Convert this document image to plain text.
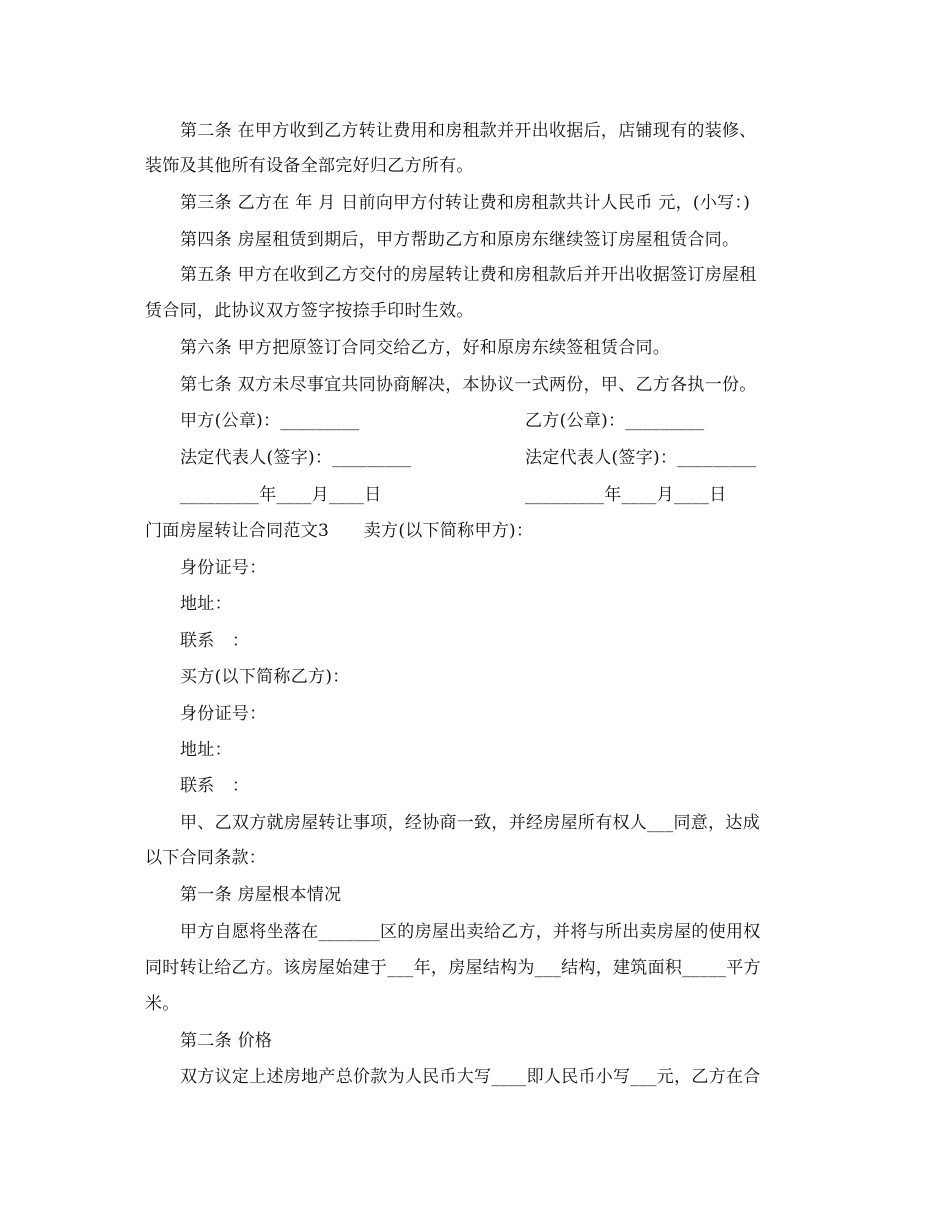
第二条 在甲方收到乙方转让费用和房租款并开出收据后，店铺现有的装修、
装饰及其他所有设备全部完好归乙方所有。
第三条 乙方在 年 月 日前向甲方付转让费和房租款共计人民币 元，(小写：)
第四条 房屋租赁到期后，甲方帮助乙方和原房东继续签订房屋租赁合同。
第五条 甲方在收到乙方交付的房屋转让费和房租款后并开出收据签订房屋租
赁合同，此协议双方签字按捺手印时生效。
第六条 甲方把原签订合同交给乙方，好和原房东续签租赁合同。
第七条 双方未尽事宜共同协商解决，本协议一式两份，甲、乙方各执一份。
甲方(公章)：_________	乙方(公章)：_________
法定代表人(签字)：_________	法定代表人(签字)：_________
_________年____月____日	_________年____月____日
门面房屋转让合同范文3　　卖方(以下简称甲方)：
身份证号：
地址：
联系　：
买方(以下简称乙方)：
身份证号：
地址：
联系　：
甲、乙双方就房屋转让事项，经协商一致，并经房屋所有权人___同意，达成
以下合同条款：
第一条 房屋根本情况
甲方自愿将坐落在_______区的房屋出卖给乙方，并将与所出卖房屋的使用权
同时转让给乙方。该房屋始建于___年，房屋结构为___结构，建筑面积_____平方
米。
第二条 价格
双方议定上述房地产总价款为人民币大写____即人民币小写___元，乙方在合
